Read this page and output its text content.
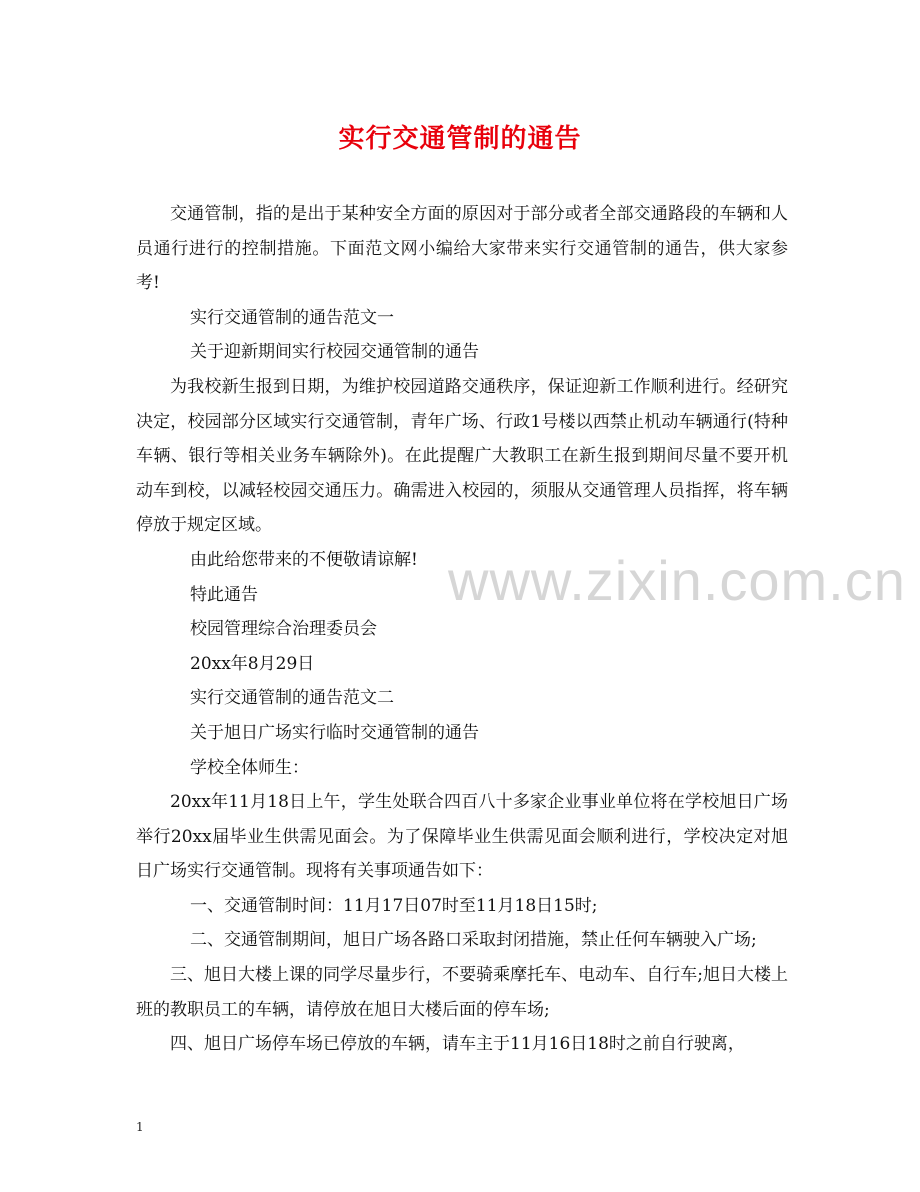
实行交通管制的通告

交通管制，指的是出于某种安全方面的原因对于部分或者全部交通路段的车辆和人员通行进行的控制措施。下面范文网小编给大家带来实行交通管制的通告，供大家参考!

实行交通管制的通告范文一

关于迎新期间实行校园交通管制的通告

为我校新生报到日期，为维护校园道路交通秩序，保证迎新工作顺利进行。经研究决定，校园部分区域实行交通管制，青年广场、行政1号楼以西禁止机动车辆通行(特种车辆、银行等相关业务车辆除外)。在此提醒广大教职工在新生报到期间尽量不要开机动车到校，以减轻校园交通压力。确需进入校园的，须服从交通管理人员指挥，将车辆停放于规定区域。

由此给您带来的不便敬请谅解!

特此通告

校园管理综合治理委员会

20xx年8月29日

实行交通管制的通告范文二

关于旭日广场实行临时交通管制的通告

学校全体师生：

20xx年11月18日上午，学生处联合四百八十多家企业事业单位将在学校旭日广场举行20xx届毕业生供需见面会。为了保障毕业生供需见面会顺利进行，学校决定对旭日广场实行交通管制。现将有关事项通告如下：

一、交通管制时间：11月17日07时至11月18日15时;

二、交通管制期间，旭日广场各路口采取封闭措施，禁止任何车辆驶入广场;

三、旭日大楼上课的同学尽量步行，不要骑乘摩托车、电动车、自行车;旭日大楼上班的教职员工的车辆，请停放在旭日大楼后面的停车场;

四、旭日广场停车场已停放的车辆，请车主于11月16日18时之前自行驶离，

www.zixin.com.cn
1
